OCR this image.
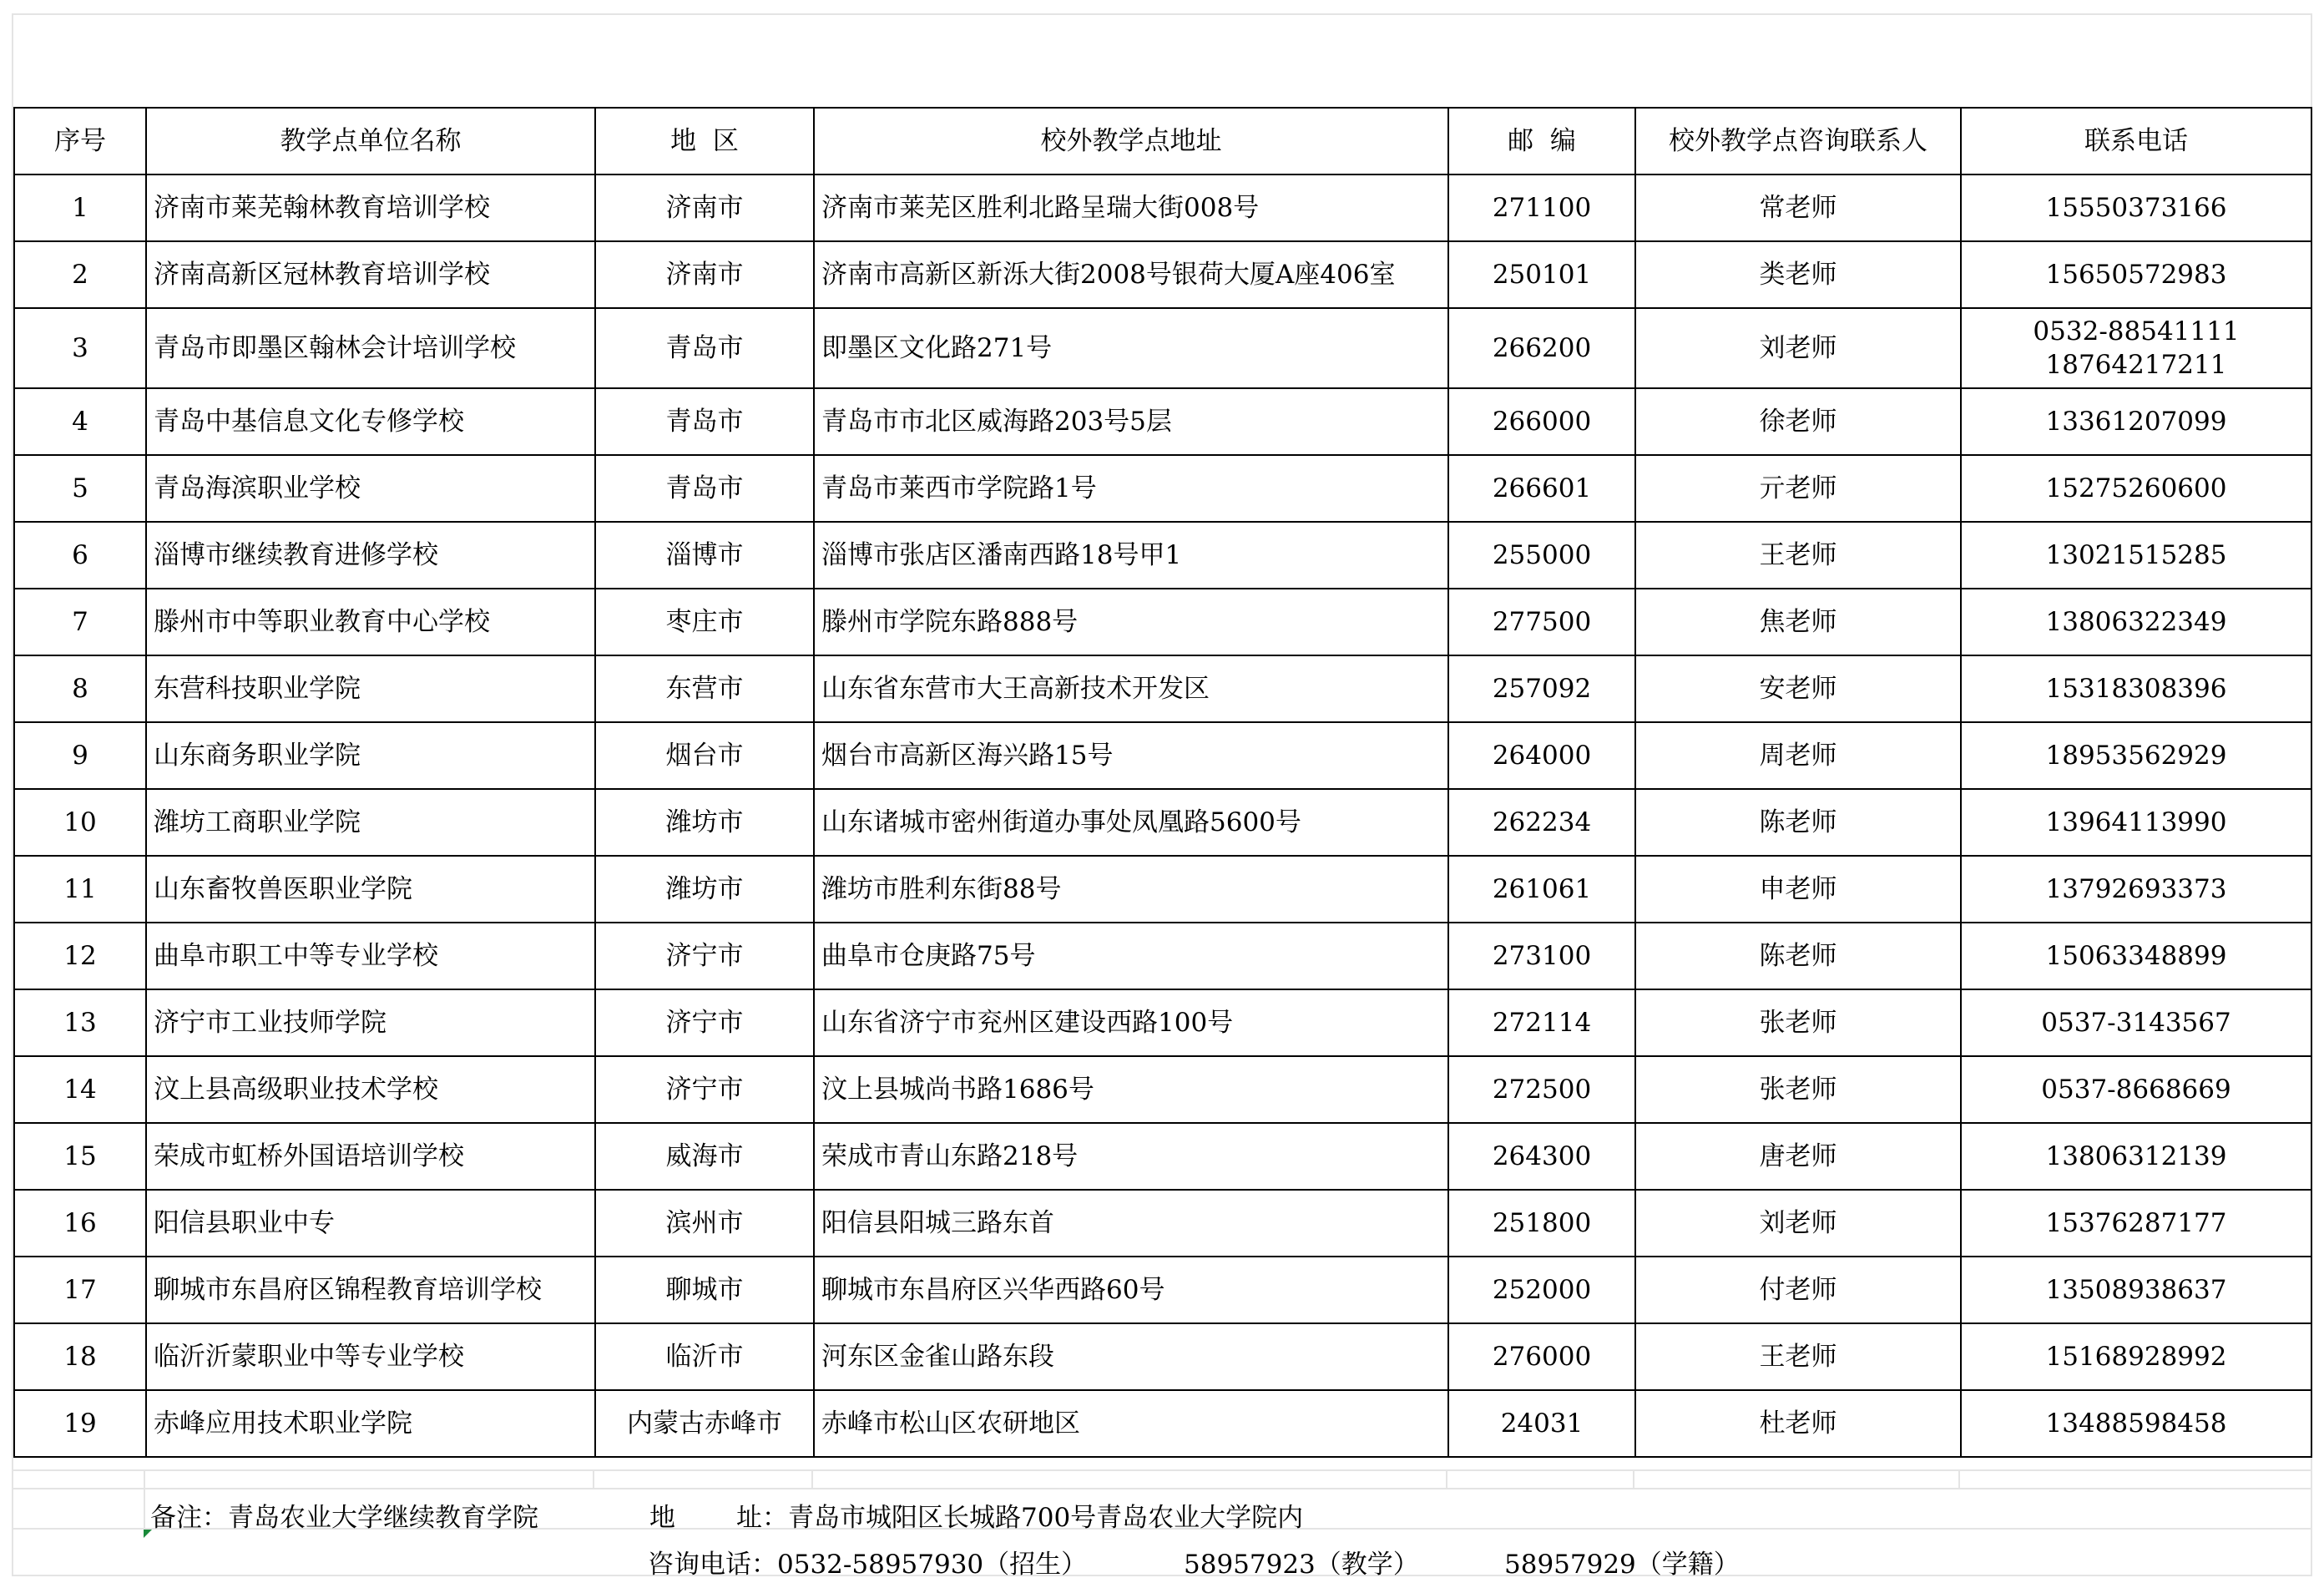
序号	教学点单位名称	地  区	校外教学点地址	邮  编	校外教学点咨询联系人	联系电话
1	济南市莱芜翰林教育培训学校	济南市	济南市莱芜区胜利北路呈瑞大街008号	271100	常老师	15550373166

2	济南高新区冠林教育培训学校	济南市	济南市高新区新泺大街2008号银荷大厦A座406室	250101	类老师	15650572983

3	青岛市即墨区翰林会计培训学校	青岛市	即墨区文化路271号	266200	刘老师	0532-88541111
18764217211

4	青岛中基信息文化专修学校	青岛市	青岛市市北区威海路203号5层	266000	徐老师	13361207099

5	青岛海滨职业学校	青岛市	青岛市莱西市学院路1号	266601	亓老师	15275260600

6	淄博市继续教育进修学校	淄博市	淄博市张店区潘南西路18号甲1	255000	王老师	13021515285

7	滕州市中等职业教育中心学校	枣庄市	滕州市学院东路888号	277500	焦老师	13806322349

8	东营科技职业学院	东营市	山东省东营市大王高新技术开发区	257092	安老师	15318308396

9	山东商务职业学院	烟台市	烟台市高新区海兴路15号	264000	周老师	18953562929

10	潍坊工商职业学院	潍坊市	山东诸城市密州街道办事处凤凰路5600号	262234	陈老师	13964113990

11	山东畜牧兽医职业学院	潍坊市	潍坊市胜利东街88号	261061	申老师	13792693373

12	曲阜市职工中等专业学校	济宁市	曲阜市仓庚路75号	273100	陈老师	15063348899

13	济宁市工业技师学院	济宁市	山东省济宁市兖州区建设西路100号	272114	张老师	0537-3143567

14	汶上县高级职业技术学校	济宁市	汶上县城尚书路1686号	272500	张老师	0537-8668669

15	荣成市虹桥外国语培训学校	威海市	荣成市青山东路218号	264300	唐老师	13806312139

16	阳信县职业中专	滨州市	阳信县阳城三路东首	251800	刘老师	15376287177

17	聊城市东昌府区锦程教育培训学校	聊城市	聊城市东昌府区兴华西路60号	252000	付老师	13508938637

18	临沂沂蒙职业中等专业学校	临沂市	河东区金雀山路东段	276000	王老师	15168928992

19	赤峰应用技术职业学院	内蒙古赤峰市	赤峰市松山区农研地区	24031	杜老师	13488598458
备注：青岛农业大学继续教育学院	地 址：青岛市城阳区长城路700号青岛农业大学院内
咨询电话：0532-58957930（招生）	58957923（教学）	58957929（学籍）
